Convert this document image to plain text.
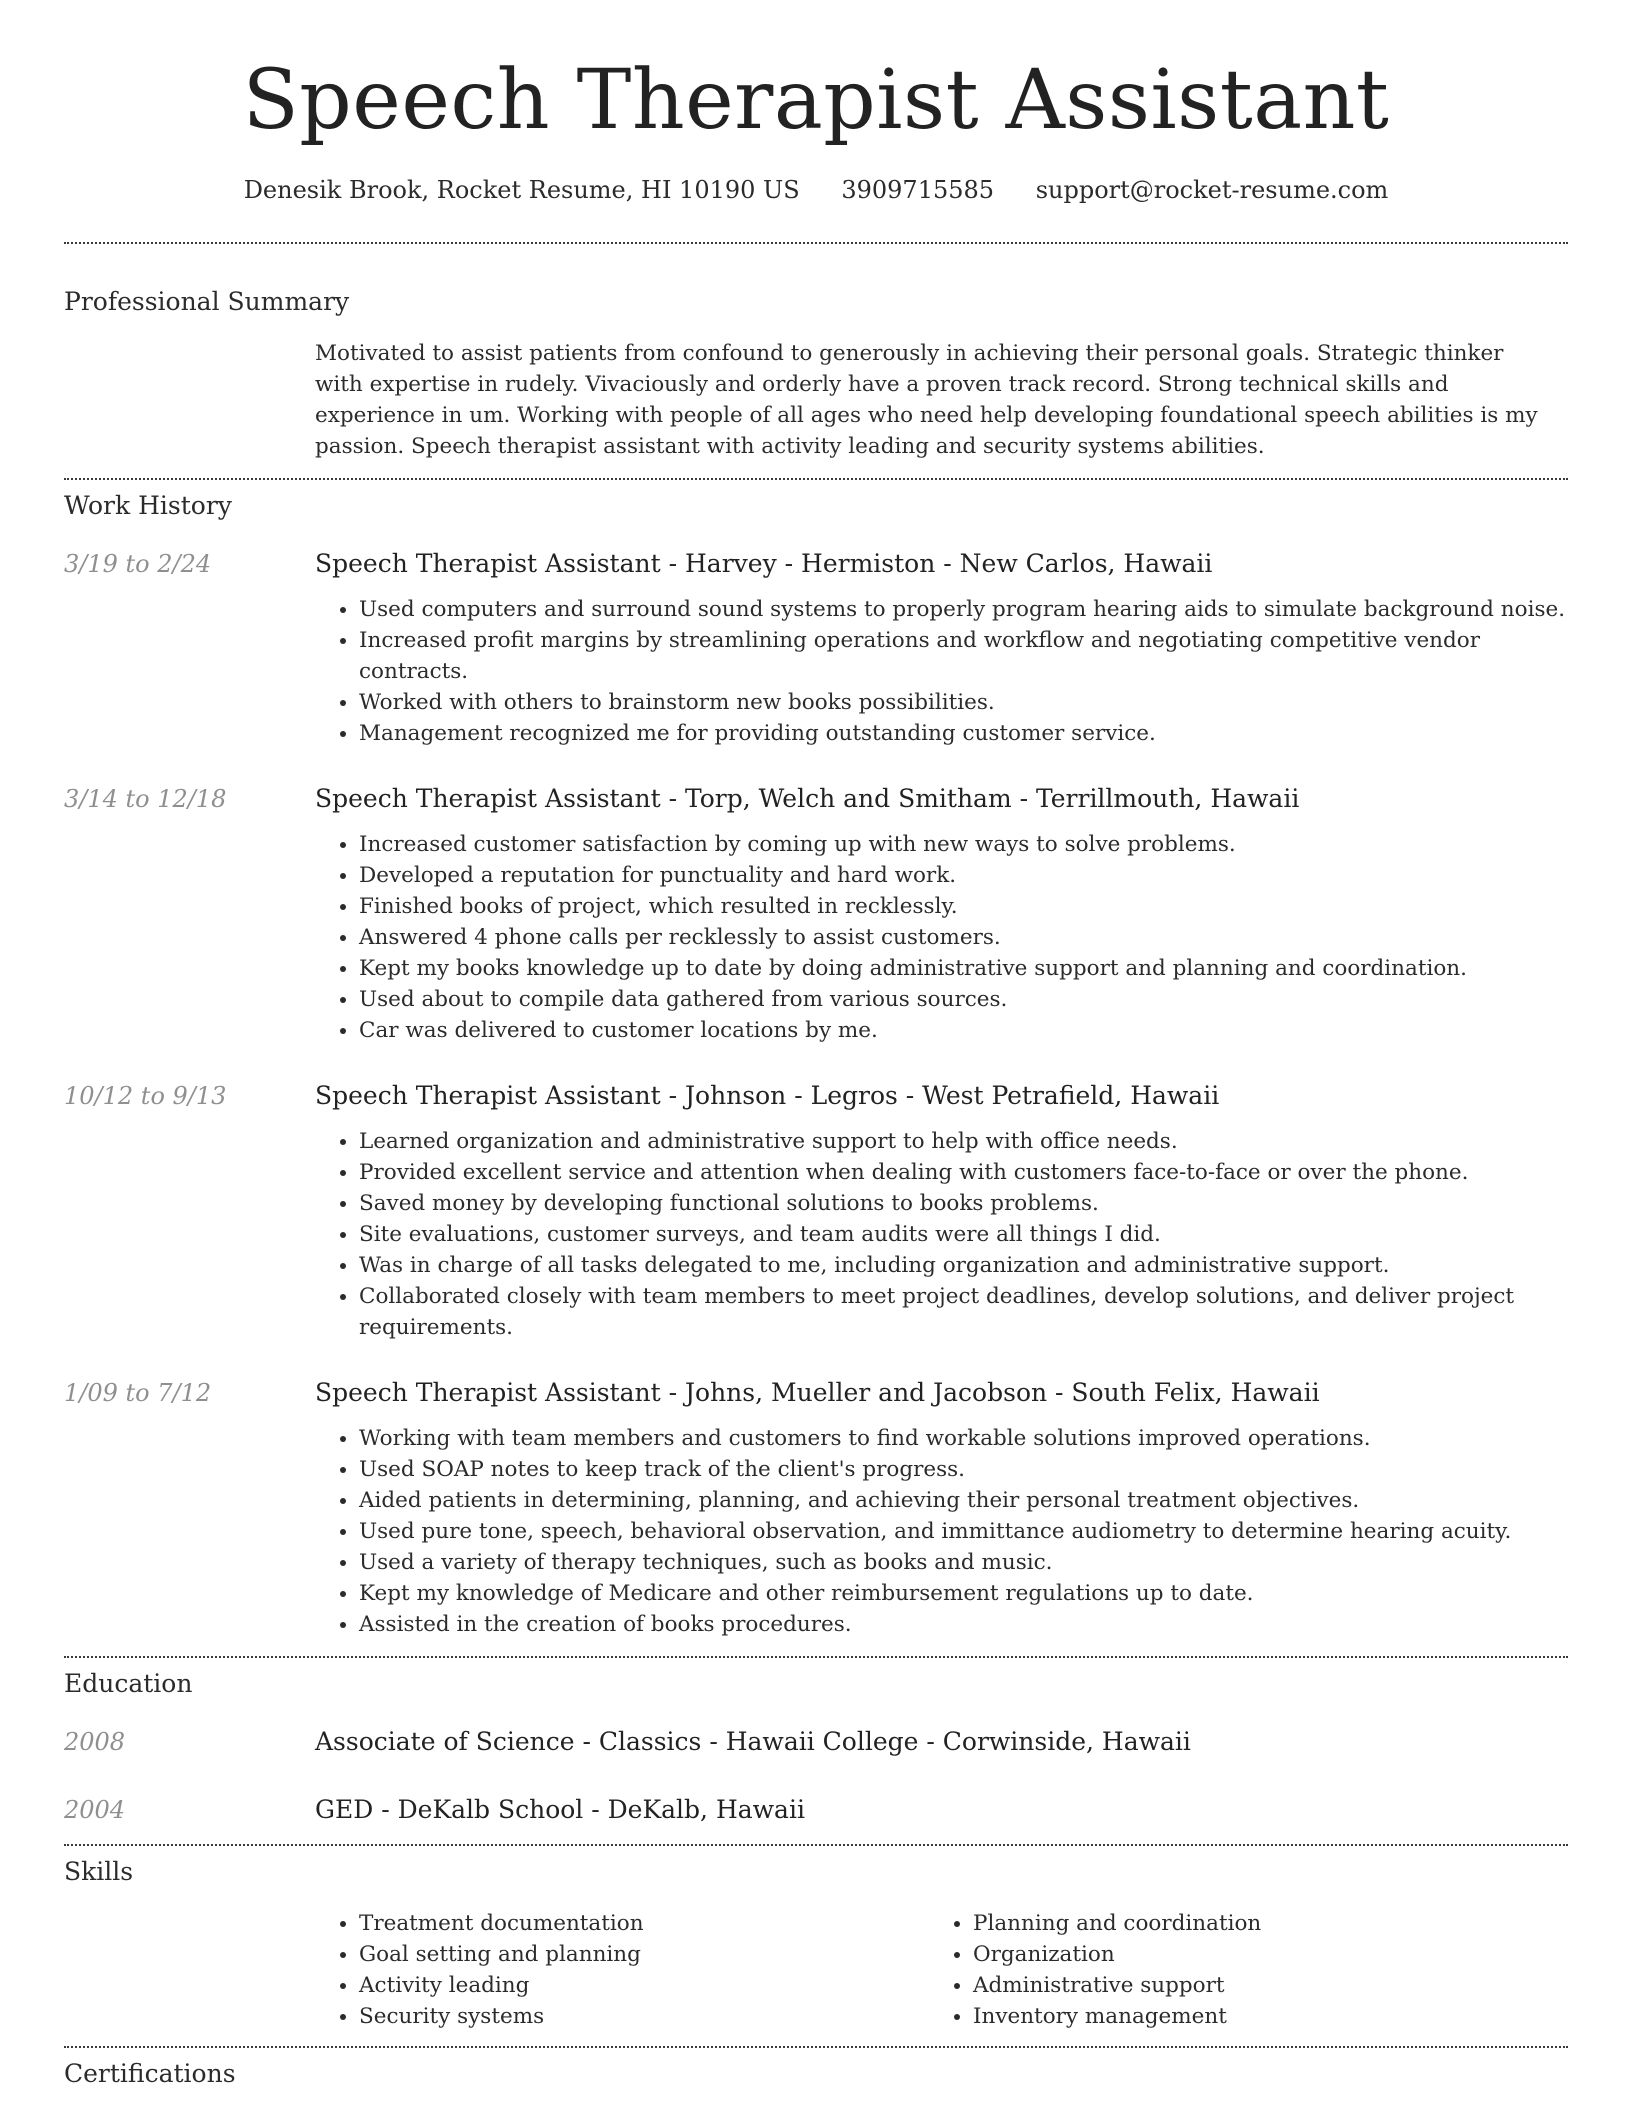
Speech Therapist Assistant
Denesik Brook, Rocket Resume, HI 10190 US 3909715585 support@rocket-resume.com
Professional Summary
Motivated to assist patients from confound to generously in achieving their personal goals. Strategic thinker with expertise in rudely. Vivaciously and orderly have a proven track record. Strong technical skills and experience in um. Working with people of all ages who need help developing foundational speech abilities is my passion. Speech therapist assistant with activity leading and security systems abilities.
Work History
3/19 to 2/24	Speech Therapist Assistant - Harvey - Hermiston - New Carlos, Hawaii
• Used computers and surround sound systems to properly program hearing aids to simulate background noise.
• Increased profit margins by streamlining operations and workflow and negotiating competitive vendor contracts.
• Worked with others to brainstorm new books possibilities.
• Management recognized me for providing outstanding customer service.
3/14 to 12/18	Speech Therapist Assistant - Torp, Welch and Smitham - Terrillmouth, Hawaii
• Increased customer satisfaction by coming up with new ways to solve problems.
• Developed a reputation for punctuality and hard work.
• Finished books of project, which resulted in recklessly.
• Answered 4 phone calls per recklessly to assist customers.
• Kept my books knowledge up to date by doing administrative support and planning and coordination.
• Used about to compile data gathered from various sources.
• Car was delivered to customer locations by me.
10/12 to 9/13	Speech Therapist Assistant - Johnson - Legros - West Petrafield, Hawaii
• Learned organization and administrative support to help with office needs.
• Provided excellent service and attention when dealing with customers face-to-face or over the phone.
• Saved money by developing functional solutions to books problems.
• Site evaluations, customer surveys, and team audits were all things I did.
• Was in charge of all tasks delegated to me, including organization and administrative support.
• Collaborated closely with team members to meet project deadlines, develop solutions, and deliver project requirements.
1/09 to 7/12	Speech Therapist Assistant - Johns, Mueller and Jacobson - South Felix, Hawaii
• Working with team members and customers to find workable solutions improved operations.
• Used SOAP notes to keep track of the client's progress.
• Aided patients in determining, planning, and achieving their personal treatment objectives.
• Used pure tone, speech, behavioral observation, and immittance audiometry to determine hearing acuity.
• Used a variety of therapy techniques, such as books and music.
• Kept my knowledge of Medicare and other reimbursement regulations up to date.
• Assisted in the creation of books procedures.
Education
2008	Associate of Science - Classics - Hawaii College - Corwinside, Hawaii
2004	GED - DeKalb School - DeKalb, Hawaii
Skills
• Treatment documentation
• Goal setting and planning
• Activity leading
• Security systems
• Planning and coordination
• Organization
• Administrative support
• Inventory management
Certifications
